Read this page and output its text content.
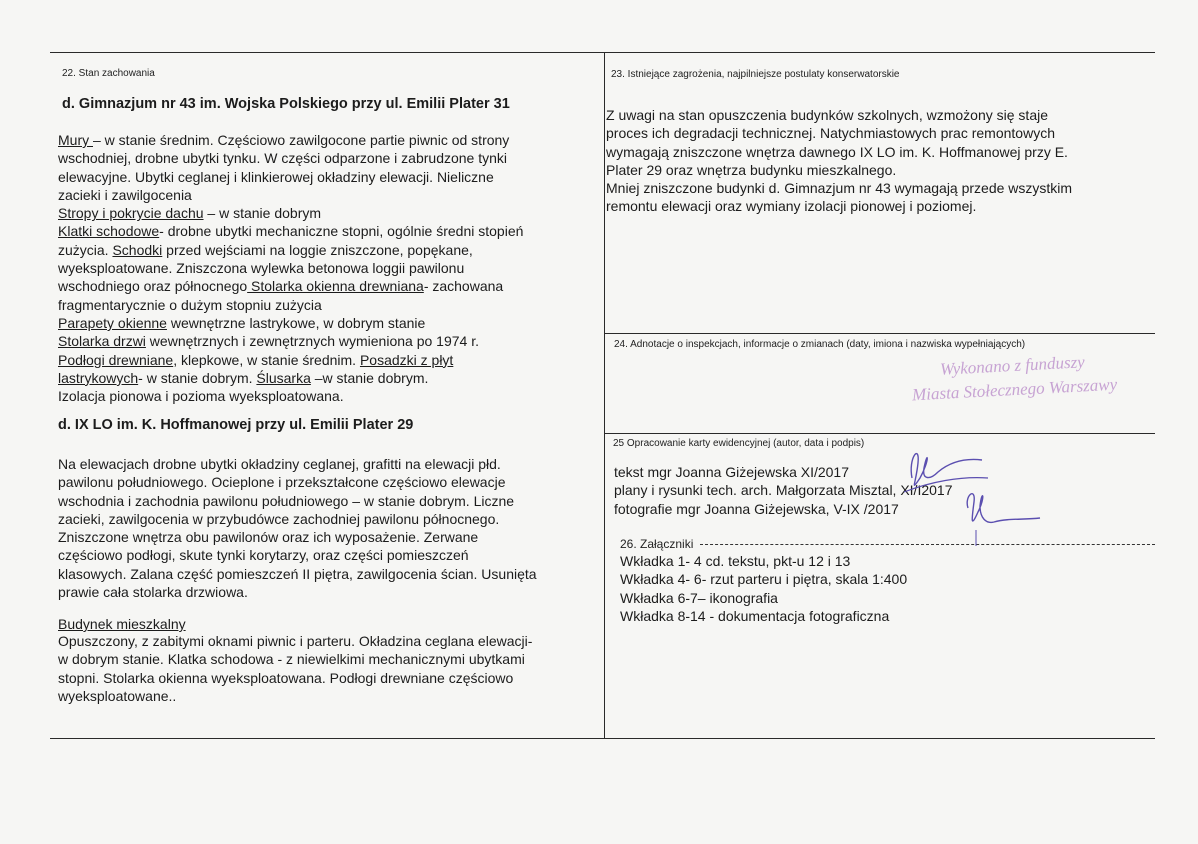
22. Stan zachowania
d. Gimnazjum nr 43 im. Wojska Polskiego przy ul. Emilii Plater 31

Mury – w stanie średnim. Częściowo zawilgocone partie piwnic od strony

wschodniej, drobne ubytki tynku. W części odparzone i zabrudzone tynki

elewacyjne. Ubytki ceglanej i klinkierowej okładziny elewacji. Nieliczne

zacieki i zawilgocenia

Stropy i pokrycie dachu – w stanie dobrym

Klatki schodowe- drobne ubytki mechaniczne stopni, ogólnie średni stopień

zużycia. Schodki przed wejściami na loggie zniszczone, popękane,

wyeksploatowane. Zniszczona wylewka betonowa loggii pawilonu

wschodniego oraz północnego Stolarka okienna drewniana- zachowana

fragmentarycznie o dużym stopniu zużycia

Parapety okienne wewnętrzne lastrykowe, w dobrym stanie

Stolarka drzwi wewnętrznych i zewnętrznych wymieniona po 1974 r.

Podłogi drewniane, klepkowe, w stanie średnim. Posadzki z płyt

lastrykowych- w stanie dobrym. Ślusarka –w stanie dobrym.

Izolacja pionowa i pozioma wyeksploatowana.

d. IX LO im. K. Hoffmanowej przy ul. Emilii Plater 29

Na elewacjach drobne ubytki okładziny ceglanej, grafitti na elewacji płd.

pawilonu południowego. Ocieplone i przekształcone częściowo elewacje

wschodnia i zachodnia pawilonu południowego – w stanie dobrym. Liczne

zacieki, zawilgocenia w przybudówce zachodniej pawilonu północnego.

Zniszczone wnętrza obu pawilonów oraz ich wyposażenie. Zerwane

częściowo podłogi, skute tynki korytarzy, oraz części pomieszczeń

klasowych. Zalana część pomieszczeń II piętra, zawilgocenia ścian. Usunięta

prawie cała stolarka drzwiowa.

Budynek mieszkalny

Opuszczony, z zabitymi oknami piwnic i parteru. Okładzina ceglana elewacji-

w dobrym stanie. Klatka schodowa - z niewielkimi mechanicznymi ubytkami

stopni. Stolarka okienna wyeksploatowana. Podłogi drewniane częściowo

wyeksploatowane..

23. Istniejące zagrożenia, najpilniejsze postulaty konserwatorskie

Z uwagi na stan opuszczenia budynków szkolnych, wzmożony się staje

proces ich degradacji technicznej. Natychmiastowych prac remontowych

wymagają zniszczone wnętrza dawnego IX LO im. K. Hoffmanowej przy E.

Plater 29 oraz wnętrza budynku mieszkalnego.

Mniej zniszczone budynki d. Gimnazjum nr 43 wymagają przede wszystkim

remontu elewacji oraz wymiany izolacji pionowej i poziomej.

24. Adnotacje o inspekcjach, informacje o zmianach (daty, imiona i nazwiska wypełniających)
Wykonano z funduszy
Miasta Stołecznego Warszawy
25 Opracowanie karty ewidencyjnej (autor, data i podpis)

tekst mgr Joanna Giżejewska XI/2017

plany i rysunki tech. arch. Małgorzata Misztal, XI/I2017

fotografie mgr Joanna Giżejewska, V-IX /2017

26. Załączniki

Wkładka 1- 4 cd. tekstu, pkt-u 12 i 13

Wkładka 4- 6- rzut parteru i piętra, skala 1:400

Wkładka 6-7– ikonografia

Wkładka 8-14 - dokumentacja fotograficzna
